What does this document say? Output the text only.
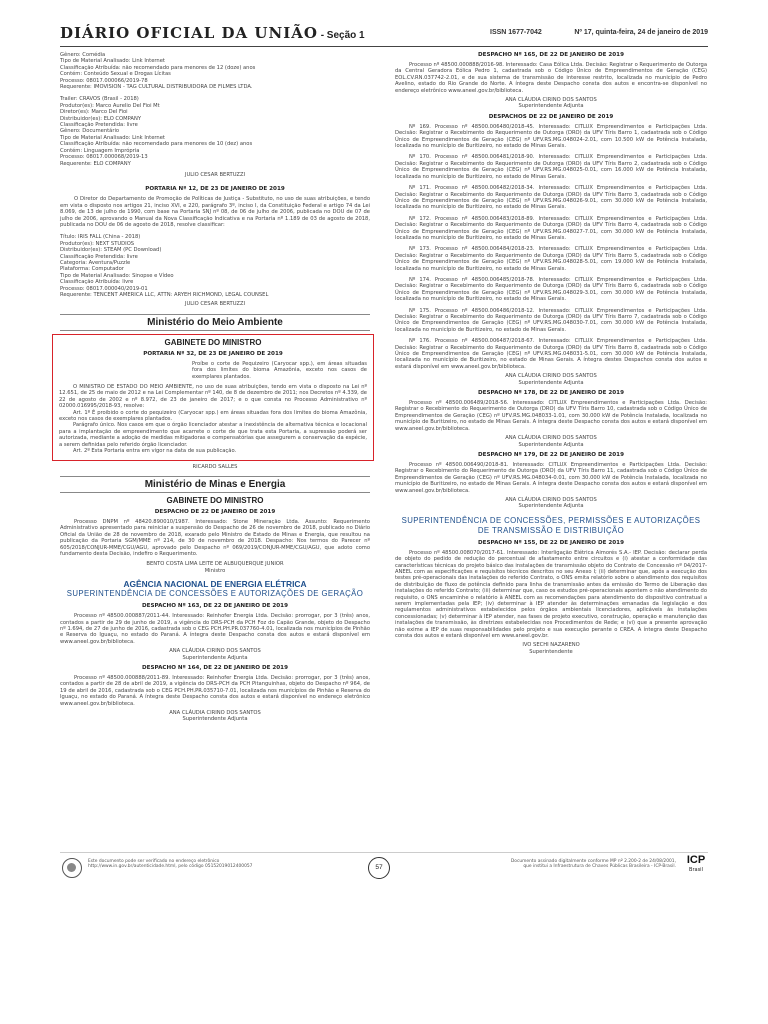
DIÁRIO OFICIAL DA UNIÃO - Seção 1	ISSN 1677-7042	Nº 17, quinta-feira, 24 de janeiro de 2019

Gênero: Comédia
Tipo de Material Analisado: Link Internet
Classificação Atribuída: não recomendado para menores de 12 (doze) anos
Contém: Conteúdo Sexual e Drogas Lícitas
Processo: 08017.000066/2019-78
Requerente: IMOVISION - TAG CULTURAL DISTRIBUIDORA DE FILMES LTDA.

Trailer: CRAVOS (Brasil - 2018)
Produtor(es): Marco Aurelio Del Fioi Mt
Diretor(es): Marco Del Fioi
Distribuidor(es): ELO COMPANY
Classificação Pretendida: livre
Gênero: Documentário
Tipo de Material Analisado: Link Internet
Classificação Atribuída: não recomendado para menores de 10 (dez) anos
Contém: Linguagem Imprópria
Processo: 08017.000068/2019-13
Requerente: ELO COMPANY

JULIO CESAR BERTUZZI

PORTARIA Nº 12, DE 23 DE JANEIRO DE 2019

O Diretor do Departamento de Promoção de Políticas de Justiça - Substituto, no uso de suas atribuições, e tendo em vista o disposto nos artigos 21, inciso XVI, e 220, parágrafo 3º, inciso I, da Constituição Federal e artigo 74 da Lei 8.069, de 13 de julho de 1990, com base na Portaria SNJ nº 08, de 06 de julho de 2006, publicada no DOU de 07 de julho de 2006, aprovando o Manual da Nova Classificação Indicativa e na Portaria nº 1.189 de 03 de agosto de 2018, publicada no DOU de 06 de agosto de 2018, resolve classificar:

Título: IRIS FALL (China - 2018)
Produtor(es): NEXT STUDIOS
Distribuidor(es): STEAM (PC Download)
Classificação Pretendida: livre
Categoria: Aventura/Puzzle
Plataforma: Computador
Tipo de Material Analisado: Sinopse e Vídeo
Classificação Atribuída: livre
Processo: 08017.000040/2019-01
Requerente: TENCENT AMERICA LLC, ATTN: ARYEH RICHMOND, LEGAL COUNSEL

JULIO CESAR BERTUZZI

Ministério do Meio Ambiente
GABINETE DO MINISTRO
PORTARIA Nº 32, DE 23 DE JANEIRO DE 2019

Proíbe o corte de Pequizeiro (Caryocar spp.), em áreas situadas fora dos limites do bioma Amazônia, exceto nos casos de exemplares plantados.

O MINISTRO DE ESTADO DO MEIO AMBIENTE, no uso de suas atribuições, tendo em vista o disposto na Lei nº 12.651, de 25 de maio de 2012 e na Lei Complementar nº 140, de 8 de dezembro de 2011; nos Decretos nº 4.339, de 22 de agosto de 2002 e nº 8.972, de 23 de janeiro de 2017; e o que consta no Processo Administrativo nº 02000.016995/2018-93, resolve:

Art. 1º É proibido o corte do pequizeiro (Caryocar spp.) em áreas situadas fora dos limites do bioma Amazônia, exceto nos casos de exemplares plantados.

Parágrafo único. Nos casos em que o órgão licenciador atestar a inexistência de alternativa técnica e locacional para a implantação de empreendimento que acarrete o corte de que trata esta Portaria, a supressão poderá ser autorizada, mediante a adoção de medidas mitigadoras e compensatórias que assegurem a conservação da espécie, a serem definidas pelo referido órgão licenciador.

Art. 2º Esta Portaria entra em vigor na data de sua publicação.

RICARDO SALLES

Ministério de Minas e Energia
GABINETE DO MINISTRO
DESPACHO DE 22 DE JANEIRO DE 2019

Processo DNPM nº 48420.890010/1987. Interessado: Stone Mineração Ltda. Assunto: Requerimento Administrativo apresentado para reiniciar a suspensão do Despacho de 26 de novembro de 2018, publicado no Diário Oficial da União de 28 de novembro de 2018, exarado pelo Ministro de Estado de Minas e Energia, que resultou na publicação da Portaria SGM/MME nº 214, de 30 de novembro de 2018. Despacho: Nos termos do Parecer nº 605/2018/CONJUR-MME/CGU/AGU, aprovado pelo Despacho nº 069/2019/CONJUR-MME/CGU/AGU, que adoto como fundamento desta Decisão, indefiro o Requerimento.

BENTO COSTA LIMA LEITE DE ALBUQUERQUE JUNIOR

Ministro

AGÊNCIA NACIONAL DE ENERGIA ELÉTRICA
SUPERINTENDÊNCIA DE CONCESSÕES E AUTORIZAÇÕES DE GERAÇÃO
DESPACHO Nº 163, DE 22 DE JANEIRO DE 2019

Processo nº 48500.000887/2011-44. Interessado: Reinhofer Energia Ltda. Decisão: prorrogar, por 3 (três) anos, contados a partir de 29 de junho de 2019, a vigência do DRS-PCH da PCH Foz do Capão Grande, objeto do Despacho nº 1.694, de 27 de junho de 2016, cadastrada sob o CEG PCH.PH.PR.037760-4.01, localizada nos municípios de Pinhão e Reserva do Iguaçu, no estado do Paraná. A íntegra deste Despacho consta dos autos e estará disponível em www.aneel.gov.br/biblioteca.

ANA CLÁUDIA CIRINO DOS SANTOS

Superintendente Adjunta

DESPACHO Nº 164, DE 22 DE JANEIRO DE 2019

Processo nº 48500.000888/2011-89. Interessado: Reinhofer Energia Ltda. Decisão: prorrogar, por 3 (três) anos, contados a partir de 28 de abril de 2019, a vigência do DRS-PCH da PCH Pitanguinhas, objeto do Despacho nº 964, de 19 de abril de 2016, cadastrada sob o CEG PCH.PH.PR.035710-7.01, localizada nos municípios de Pinhão e Reserva do Iguaçu, no estado do Paraná. A íntegra deste Despacho consta dos autos e estará disponível no endereço eletrônico www.aneel.gov.br/biblioteca.

ANA CLÁUDIA CIRINO DOS SANTOS

Superintendente Adjunta

DESPACHO Nº 165, DE 22 DE JANEIRO DE 2019

Processo nº 48500.000888/2016-98. Interessado: Casa Eólica Ltda. Decisão: Registrar o Requerimento de Outorga da Central Geradora Eólica Pedro 1, cadastrada sob o Código Único de Empreendimentos de Geração (CEG) EOL.CV.RN.037742-2.01, e de sua sistema de transmissão de interesse restrito, localizada no município de Pedro Avelino, estado do Rio Grande do Norte. A íntegra deste Despacho consta dos autos e encontra-se disponível no endereço eletrônico www.aneel.gov.br/biblioteca.

ANA CLÁUDIA CIRINO DOS SANTOS

Superintendente Adjunta

DESPACHOS DE 22 DE JANEIRO DE 2019

Nº 169. Processo nº 48500.006480/2018-45. Interessado: CITLUX Empreendimentos e Participações Ltda. Decisão: Registrar o Recebimento do Requerimento de Outorga (DRO) da UFV Tíris Barro 1, cadastrada sob o Código Único de Empreendimentos de Geração (CEG) nº UFV.RS.MG.048024-2.01, com 10.500 kW de Potência Instalada, localizada no município de Buritizeiro, no estado de Minas Gerais.

Nº 170. Processo nº 48500.006481/2018-90. Interessado: CITLUX Empreendimentos e Participações Ltda. Decisão: Registrar o Recebimento do Requerimento de Outorga (DRO) da UFV Tíris Barro 2, cadastrada sob o Código Único de Empreendimentos de Geração (CEG) nº UFV.RS.MG.048025-0.01, com 16.000 kW de Potência Instalada, localizada no município de Buritizeiro, no estado de Minas Gerais.

Nº 171. Processo nº 48500.006482/2018-34. Interessado: CITLUX Empreendimentos e Participações Ltda. Decisão: Registrar o Recebimento do Requerimento de Outorga (DRO) da UFV Tíris Barro 3, cadastrada sob o Código Único de Empreendimentos de Geração (CEG) nº UFV.RS.MG.048026-9.01, com 30.000 kW de Potência Instalada, localizada no município de Buritizeiro, no estado de Minas Gerais.

Nº 172. Processo nº 48500.006483/2018-89. Interessado: CITLUX Empreendimentos e Participações Ltda. Decisão: Registrar o Recebimento do Requerimento de Outorga (DRO) da UFV Tíris Barro 4, cadastrada sob o Código Único de Empreendimentos de Geração (CEG) nº UFV.RS.MG.048027-7.01, com 30.000 kW de Potência Instalada, localizada no município de Buritizeiro, no estado de Minas Gerais.

Nº 173. Processo nº 48500.006484/2018-23. Interessado: CITLUX Empreendimentos e Participações Ltda. Decisão: Registrar o Recebimento do Requerimento de Outorga (DRO) da UFV Tíris Barro 5, cadastrada sob o Código Único de Empreendimentos de Geração (CEG) nº UFV.RS.MG.048028-5.01, com 19.000 kW de Potência Instalada, localizada no município de Buritizeiro, no estado de Minas Gerais.

Nº 174. Processo nº 48500.006485/2018-78. Interessado: CITLUX Empreendimentos e Participações Ltda. Decisão: Registrar o Recebimento do Requerimento de Outorga (DRO) da UFV Tíris Barro 6, cadastrada sob o Código Único de Empreendimentos de Geração (CEG) nº UFV.RS.MG.048029-3.01, com 30.000 kW de Potência Instalada, localizada no município de Buritizeiro, no estado de Minas Gerais.

Nº 175. Processo nº 48500.006486/2018-12. Interessado: CITLUX Empreendimentos e Participações Ltda. Decisão: Registrar o Recebimento do Requerimento de Outorga (DRO) da UFV Tíris Barro 7, cadastrada sob o Código Único de Empreendimentos de Geração (CEG) nº UFV.RS.MG.048030-7.01, com 30.000 kW de Potência Instalada, localizada no município de Buritizeiro, no estado de Minas Gerais.

Nº 176. Processo nº 48500.006487/2018-67. Interessado: CITLUX Empreendimentos e Participações Ltda. Decisão: Registrar o Recebimento do Requerimento de Outorga (DRO) da UFV Tíris Barro 8, cadastrada sob o Código Único de Empreendimentos de Geração (CEG) nº UFV.RS.MG.048031-5.01, com 30.000 kW de Potência Instalada, localizada no município de Buritizeiro, no estado de Minas Gerais. A íntegra destes Despachos consta dos autos e estará disponível em www.aneel.gov.br/biblioteca.

ANA CLÁUDIA CIRINO DOS SANTOS

Superintendente Adjunta

DESPACHO Nº 178, DE 22 DE JANEIRO DE 2019

Processo nº 48500.006489/2018-56. Interessado: CITLUX Empreendimentos e Participações Ltda. Decisão: Registrar o Recebimento do Requerimento de Outorga (DRO) da UFV Tíris Barro 10, cadastrada sob o Código Único de Empreendimentos de Geração (CEG) nº UFV.RS.MG.048033-1.01, com 30.000 kW de Potência Instalada, localizada no município de Buritizeiro, no estado de Minas Gerais. A íntegra deste Despacho consta dos autos e estará disponível em www.aneel.gov.br/biblioteca.

ANA CLÁUDIA CIRINO DOS SANTOS

Superintendente Adjunta

DESPACHO Nº 179, DE 22 DE JANEIRO DE 2019

Processo nº 48500.006490/2018-81. Interessado: CITLUX Empreendimentos e Participações Ltda. Decisão: Registrar o Recebimento do Requerimento de Outorga (DRO) da UFV Tíris Barro 11, cadastrada sob o Código Único de Empreendimentos de Geração (CEG) nº UFV.RS.MG.048034-0.01, com 30.000 kW de Potência Instalada, localizada no município de Buritizeiro, no estado de Minas Gerais. A íntegra deste Despacho consta dos autos e estará disponível em www.aneel.gov.br/biblioteca.

ANA CLÁUDIA CIRINO DOS SANTOS

Superintendente Adjunta

SUPERINTENDÊNCIA DE CONCESSÕES, PERMISSÕES E AUTORIZAÇÕES DE TRANSMISSÃO E DISTRIBUIÇÃO
DESPACHO Nº 155, DE 22 DE JANEIRO DE 2019

Processo nº 48500.008070/2017-61. Interessado: Interligação Elétrica Aimorés S.A.- IEP. Decisão: declarar perda de objeto do pedido de redução do percentual de afastamento entre circuitos e (i) atestar a conformidade das características técnicas do projeto básico das instalações de transmissão objeto do Contrato de Concessão nº 04/2017-ANEEL com as especificações e requisitos técnicos descritos no seu Anexo I; (ii) determinar que, após a execução dos testes pré-operacionais das instalações do referido Contrato, o ONS emita relatório sobre o atendimento dos requisitos de distribuição de fluxo de potência definido para linha de transmissão antes da emissão do Termo de Liberação das instalações do referido Contrato; (iii) determinar que, caso os estudos pré-operacionais apontem o não atendimento do requisito, o ONS encaminhe o relatório à ANEEL com as recomendações para atendimento do dispositivo contratual a serem implementadas pela IEP; (iv) determinar à IEP atender às determinações emanadas da legislação e dos regulamentos administrativos estabelecidos pelos órgãos ambientais licenciadores, aplicáveis às instalações concessionadas; (v) determinar à IEP atender, nas fases de projeto executivo, construção, operação e manutenção das instalações de transmissão, às diretrizes estabelecidas nos Procedimentos de Rede; e (vi) que a presente aprovação não exime a IEP de suas responsabilidades pelo projeto e sua execução perante o CREA. A íntegra deste Despacho consta dos autos e estará disponível em www.aneel.gov.br.

IVO SECHI NAZARENO

Superintendente

Este documento pode ser verificado no endereço eletrônico
http://www.in.gov.br/autenticidade.html, pelo código 05152019012400057	57
Documento assinado digitalmente conforme MP nº 2.200-2 de 24/08/2001,
que institui a Infraestrutura de Chaves Públicas Brasileira - ICP-Brasil.
ICP
Brasil
